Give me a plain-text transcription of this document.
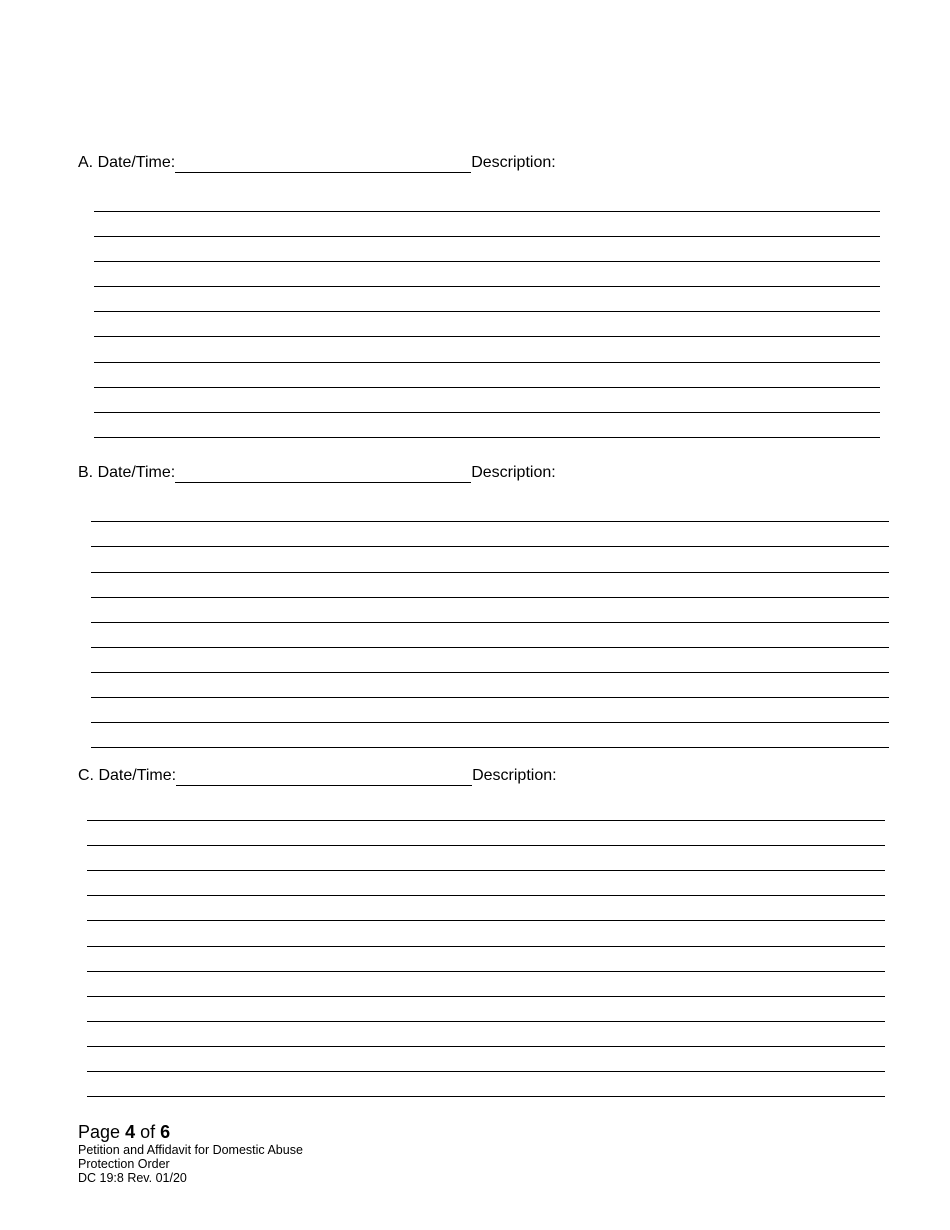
A. Date/Time:	Description:
B. Date/Time:	Description:
C. Date/Time:	Description:
Page 4 of 6
Petition and Affidavit for Domestic Abuse
Protection Order
DC 19:8 Rev. 01/20
